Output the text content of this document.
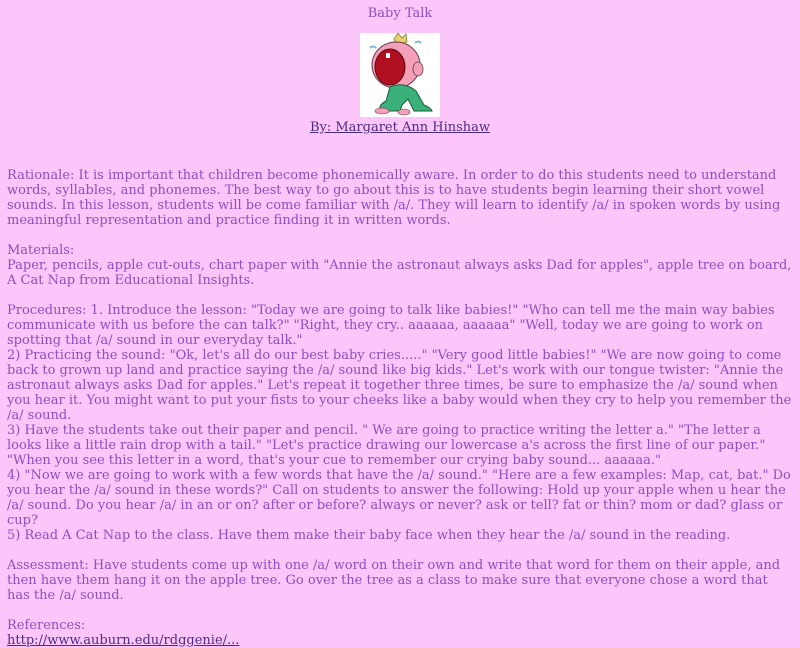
Baby Talk
By: Margaret Ann Hinshaw

Rationale: It is important that children become phonemically aware. In order to do this students need to understand words, syllables, and phonemes. The best way to go about this is to have students begin learning their short vowel sounds. In this lesson, students will be come familiar with /a/. They will learn to identify /a/ in spoken words by using meaningful representation and practice finding it in written words.

Materials:
Paper, pencils, apple cut-outs, chart paper with "Annie the astronaut always asks Dad for apples", apple tree on board, A Cat Nap from Educational Insights.

Procedures: 1. Introduce the lesson: "Today we are going to talk like babies!" "Who can tell me the main way babies communicate with us before the can talk?" "Right, they cry.. aaaaaa, aaaaaa" "Well, today we are going to work on spotting that /a/ sound in our everyday talk."
2) Practicing the sound: "Ok, let's all do our best baby cries....." "Very good little babies!" "We are now going to come back to grown up land and practice saying the /a/ sound like big kids." Let's work with our tongue twister: "Annie the astronaut always asks Dad for apples." Let's repeat it together three times, be sure to emphasize the /a/ sound when you hear it. You might want to put your fists to your cheeks like a baby would when they cry to help you remember the /a/ sound.
3) Have the students take out their paper and pencil. " We are going to practice writing the letter a." "The letter a looks like a little rain drop with a tail." "Let's practice drawing our lowercase a's across the first line of our paper." "When you see this letter in a word, that's your cue to remember our crying baby sound... aaaaaa."
4) "Now we are going to work with a few words that have the /a/ sound." "Here are a few examples: Map, cat, bat." Do you hear the /a/ sound in these words?" Call on students to answer the following: Hold up your apple when u hear the /a/ sound. Do you hear /a/ in an or on? after or before? always or never? ask or tell? fat or thin? mom or dad? glass or cup?
5) Read A Cat Nap to the class. Have them make their baby face when they hear the /a/ sound in the reading.

Assessment: Have students come up with one /a/ word on their own and write that word for them on their apple, and then have them hang it on the apple tree. Go over the tree as a class to make sure that everyone chose a word that has the /a/ sound.

References:
http://www.auburn.edu/rdggenie/...
